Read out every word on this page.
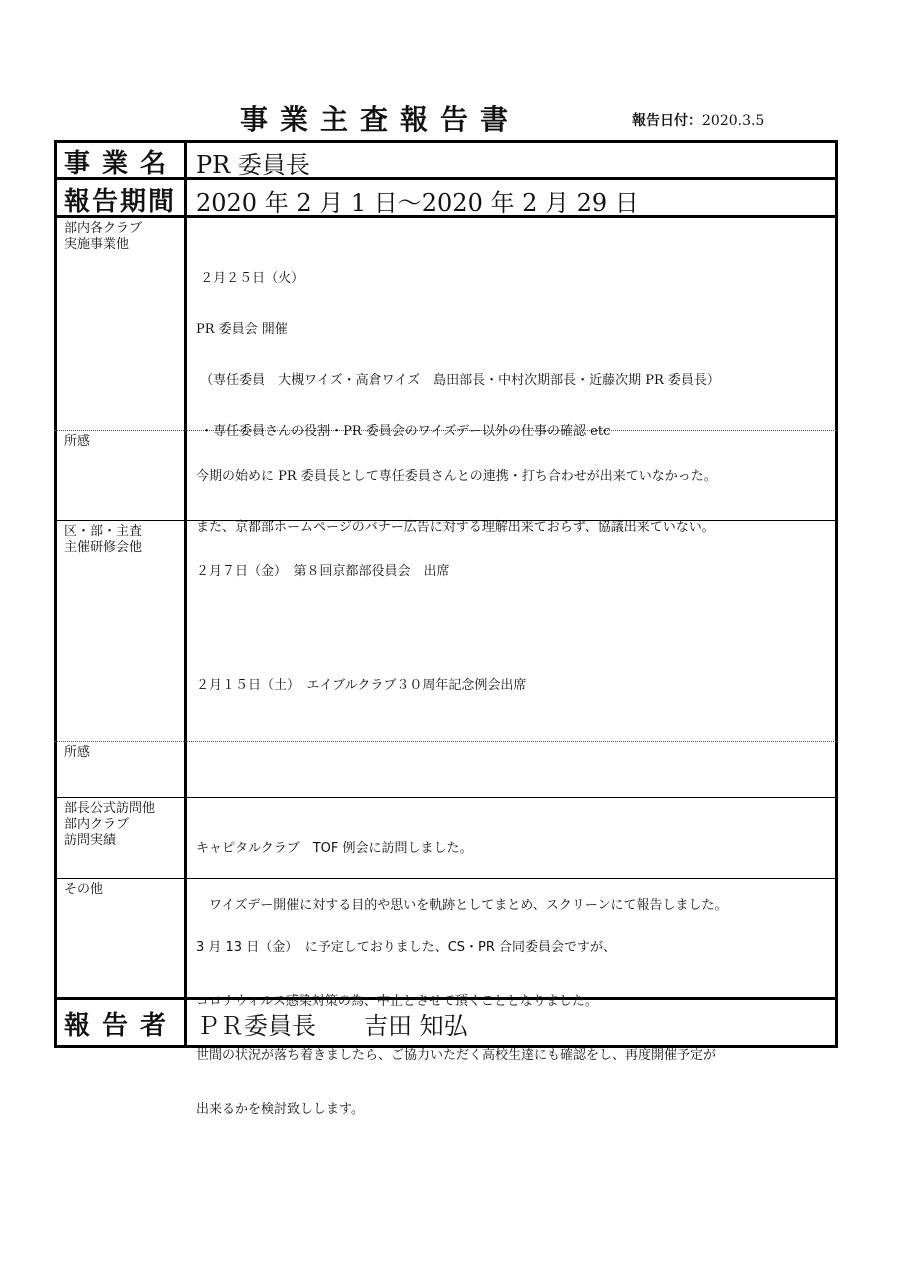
事業主査報告書	報告日付：2020.3.5
事業名 PR 委員長
報告期間 2020 年 2 月 1 日～2020 年 2 月 29 日
部内各クラブ
実施事業他

２月２５日（火）

PR 委員会 開催

（専任委員　大槻ワイズ・高倉ワイズ　島田部長・中村次期部長・近藤次期 PR 委員長）

・専任委員さんの役割・PR 委員会のワイズデー以外の仕事の確認 etc

所感

今期の始めに PR 委員長として専任委員さんとの連携・打ち合わせが出来ていなかった。

また、京都部ホームページのバナー広告に対する理解出来ておらず、協議出来ていない。

区・部・主査
主催研修会他

２月７日（金）　第８回京都部役員会　出席

２月１５日（土）　エイブルクラブ３０周年記念例会出席

所感
部長公式訪問他
部内クラブ
訪問実績

キャピタルクラブ　TOF 例会に訪問しました。

　ワイズデー開催に対する目的や思いを軌跡としてまとめ、スクリーンにて報告しました。

その他

3 月 13 日（金）　に予定しておりました、CS・PR 合同委員会ですが、

コロナウィルス感染対策の為、中止とさせて頂くこととなりました。

世間の状況が落ち着きましたら、ご協力いただく高校生達にも確認をし、再度開催予定が

出来るかを検討致しします。

報告者 ＰＲ委員長　　吉田 知弘
